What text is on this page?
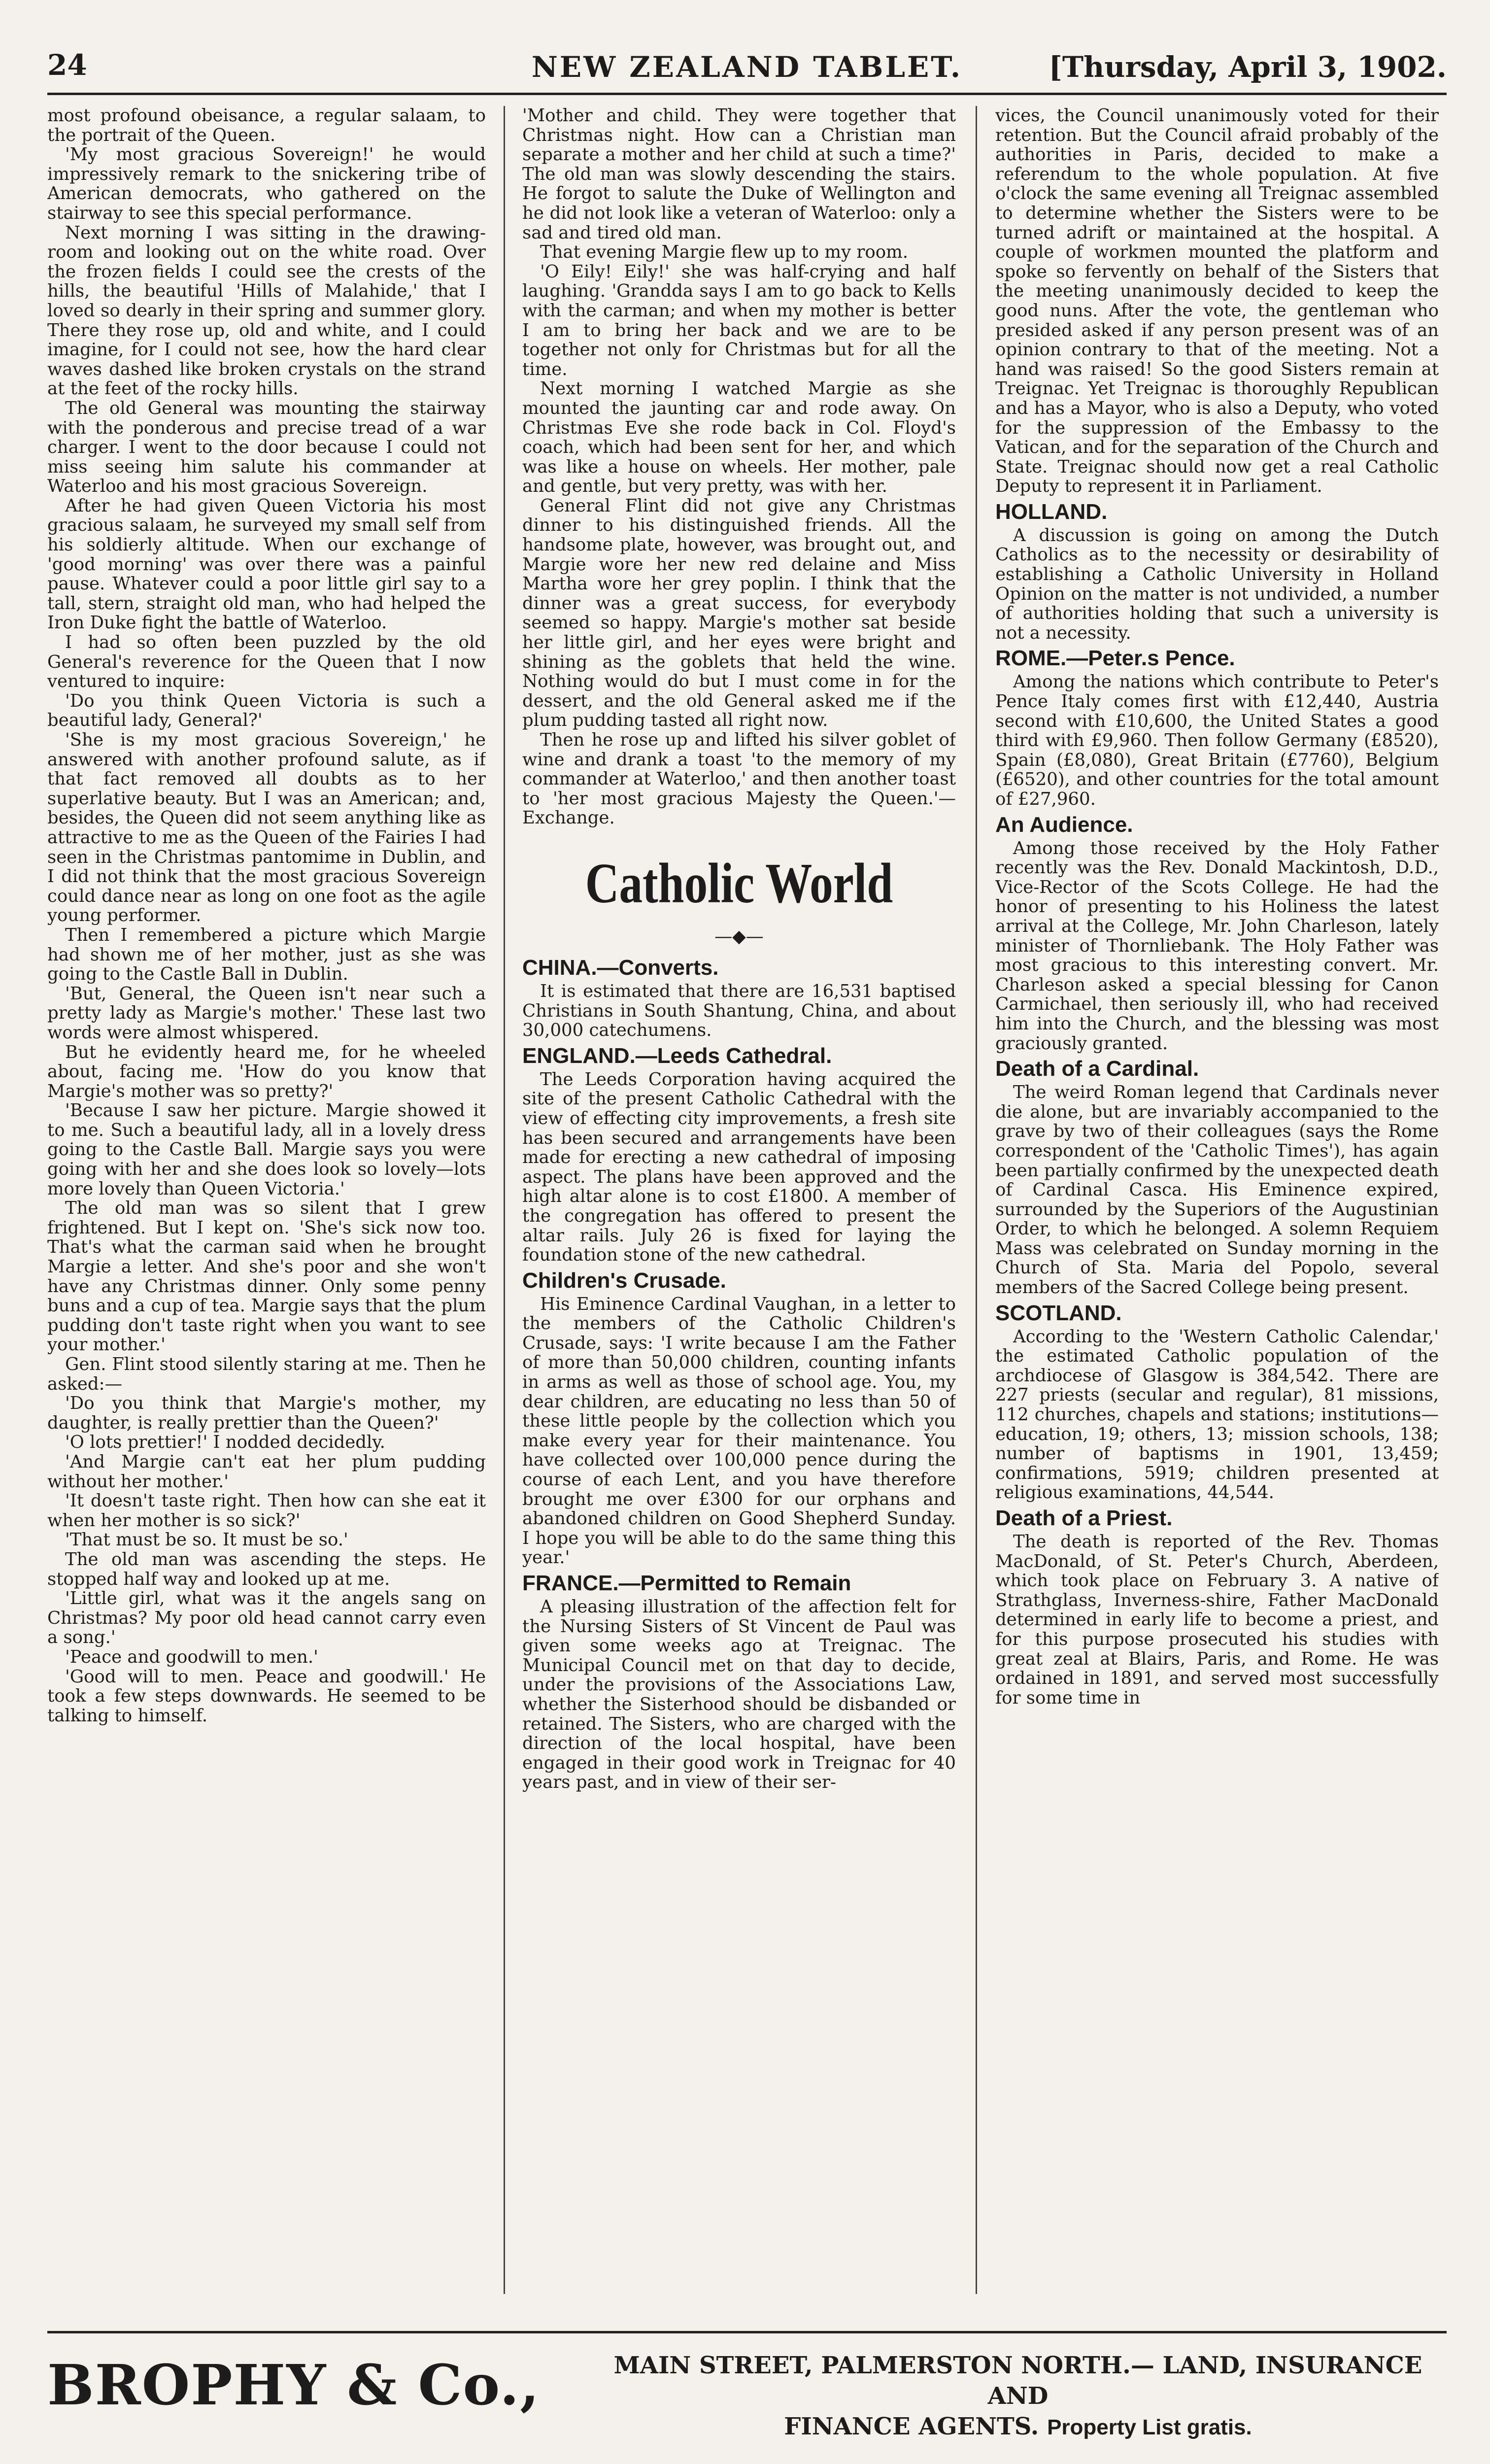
24	NEW ZEALAND TABLET.	[Thursday, April 3, 1902.

most profound obeisance, a regular salaam, to the portrait of the Queen.

'My most gracious Sovereign!' he would impressively remark to the snickering tribe of American democrats, who gathered on the stairway to see this special performance.

Next morning I was sitting in the drawing-room and looking out on the white road. Over the frozen fields I could see the crests of the hills, the beautiful 'Hills of Malahide,' that I loved so dearly in their spring and summer glory. There they rose up, old and white, and I could imagine, for I could not see, how the hard clear waves dashed like broken crystals on the strand at the feet of the rocky hills.

The old General was mounting the stairway with the ponderous and precise tread of a war charger. I went to the door because I could not miss seeing him salute his commander at Waterloo and his most gracious Sovereign.

After he had given Queen Victoria his most gracious salaam, he surveyed my small self from his soldierly altitude. When our exchange of 'good morning' was over there was a painful pause. Whatever could a poor little girl say to a tall, stern, straight old man, who had helped the Iron Duke fight the battle of Waterloo.

I had so often been puzzled by the old General's reverence for the Queen that I now ventured to inquire:

'Do you think Queen Victoria is such a beautiful lady, General?'

'She is my most gracious Sovereign,' he answered with another profound salute, as if that fact removed all doubts as to her superlative beauty. But I was an American; and, besides, the Queen did not seem anything like as attractive to me as the Queen of the Fairies I had seen in the Christmas pantomime in Dublin, and I did not think that the most gracious Sovereign could dance near as long on one foot as the agile young performer.

Then I remembered a picture which Margie had shown me of her mother, just as she was going to the Castle Ball in Dublin.

'But, General, the Queen isn't near such a pretty lady as Margie's mother.' These last two words were almost whispered.

But he evidently heard me, for he wheeled about, facing me. 'How do you know that Margie's mother was so pretty?'

'Because I saw her picture. Margie showed it to me. Such a beautiful lady, all in a lovely dress going to the Castle Ball. Margie says you were going with her and she does look so lovely—lots more lovely than Queen Victoria.'

The old man was so silent that I grew frightened. But I kept on. 'She's sick now too. That's what the carman said when he brought Margie a letter. And she's poor and she won't have any Christmas dinner. Only some penny buns and a cup of tea. Margie says that the plum pudding don't taste right when you want to see your mother.'

Gen. Flint stood silently staring at me. Then he asked:—

'Do you think that Margie's mother, my daughter, is really prettier than the Queen?'

'O lots prettier!' I nodded decidedly.

'And Margie can't eat her plum pudding without her mother.'

'It doesn't taste right. Then how can she eat it when her mother is so sick?'

'That must be so. It must be so.'

The old man was ascending the steps. He stopped half way and looked up at me.

'Little girl, what was it the angels sang on Christmas? My poor old head cannot carry even a song.'

'Peace and goodwill to men.'

'Good will to men. Peace and goodwill.' He took a few steps downwards. He seemed to be talking to himself.

'Mother and child. They were together that Christmas night. How can a Christian man separate a mother and her child at such a time?' The old man was slowly descending the stairs. He forgot to salute the Duke of Wellington and he did not look like a veteran of Waterloo: only a sad and tired old man.

That evening Margie flew up to my room.

'O Eily! Eily!' she was half-crying and half laughing. 'Grandda says I am to go back to Kells with the carman; and when my mother is better I am to bring her back and we are to be together not only for Christmas but for all the time.

Next morning I watched Margie as she mounted the jaunting car and rode away. On Christmas Eve she rode back in Col. Floyd's coach, which had been sent for her, and which was like a house on wheels. Her mother, pale and gentle, but very pretty, was with her.

General Flint did not give any Christmas dinner to his distinguished friends. All the handsome plate, however, was brought out, and Margie wore her new red delaine and Miss Martha wore her grey poplin. I think that the dinner was a great success, for everybody seemed so happy. Margie's mother sat beside her little girl, and her eyes were bright and shining as the goblets that held the wine. Nothing would do but I must come in for the dessert, and the old General asked me if the plum pudding tasted all right now.

Then he rose up and lifted his silver goblet of wine and drank a toast 'to the memory of my commander at Waterloo,' and then another toast to 'her most gracious Majesty the Queen.'—Exchange.

Catholic World
—◆—
CHINA.—Converts.

It is estimated that there are 16,531 baptised Christians in South Shantung, China, and about 30,000 catechumens.

ENGLAND.—Leeds Cathedral.

The Leeds Corporation having acquired the site of the present Catholic Cathedral with the view of effecting city improvements, a fresh site has been secured and arrangements have been made for erecting a new cathedral of imposing aspect. The plans have been approved and the high altar alone is to cost £1800. A member of the congregation has offered to present the altar rails. July 26 is fixed for laying the foundation stone of the new cathedral.

Children's Crusade.

His Eminence Cardinal Vaughan, in a letter to the members of the Catholic Children's Crusade, says: 'I write because I am the Father of more than 50,000 children, counting infants in arms as well as those of school age. You, my dear children, are educating no less than 50 of these little people by the collection which you make every year for their maintenance. You have collected over 100,000 pence during the course of each Lent, and you have therefore brought me over £300 for our orphans and abandoned children on Good Shepherd Sunday. I hope you will be able to do the same thing this year.'

FRANCE.—Permitted to Remain

A pleasing illustration of the affection felt for the Nursing Sisters of St Vincent de Paul was given some weeks ago at Treignac. The Municipal Council met on that day to decide, under the provisions of the Associations Law, whether the Sisterhood should be disbanded or retained. The Sisters, who are charged with the direction of the local hospital, have been engaged in their good work in Treignac for 40 years past, and in view of their ser-

vices, the Council unanimously voted for their retention. But the Council afraid probably of the authorities in Paris, decided to make a referendum to the whole population. At five o'clock the same evening all Treignac assembled to determine whether the Sisters were to be turned adrift or maintained at the hospital. A couple of workmen mounted the platform and spoke so fervently on behalf of the Sisters that the meeting unanimously decided to keep the good nuns. After the vote, the gentleman who presided asked if any person present was of an opinion contrary to that of the meeting. Not a hand was raised! So the good Sisters remain at Treignac. Yet Treignac is thoroughly Republican and has a Mayor, who is also a Deputy, who voted for the suppression of the Embassy to the Vatican, and for the separation of the Church and State. Treignac should now get a real Catholic Deputy to represent it in Parliament.

HOLLAND.

A discussion is going on among the Dutch Catholics as to the necessity or desirability of establishing a Catholic University in Holland Opinion on the matter is not undivided, a number of authorities holding that such a university is not a necessity.

ROME.—Peter.s Pence.

Among the nations which contribute to Peter's Pence Italy comes first with £12,440, Austria second with £10,600, the United States a good third with £9,960. Then follow Germany (£8520), Spain (£8,080), Great Britain (£7760), Belgium (£6520), and other countries for the total amount of £27,960.

An Audience.

Among those received by the Holy Father recently was the Rev. Donald Mackintosh, D.D., Vice-Rector of the Scots College. He had the honor of presenting to his Holiness the latest arrival at the College, Mr. John Charleson, lately minister of Thornliebank. The Holy Father was most gracious to this interesting convert. Mr. Charleson asked a special blessing for Canon Carmichael, then seriously ill, who had received him into the Church, and the blessing was most graciously granted.

Death of a Cardinal.

The weird Roman legend that Cardinals never die alone, but are invariably accompanied to the grave by two of their colleagues (says the Rome correspondent of the 'Catholic Times'), has again been partially confirmed by the unexpected death of Cardinal Casca. His Eminence expired, surrounded by the Superiors of the Augustinian Order, to which he belonged. A solemn Requiem Mass was celebrated on Sunday morning in the Church of Sta. Maria del Popolo, several members of the Sacred College being present.

SCOTLAND.

According to the 'Western Catholic Calendar,' the estimated Catholic population of the archdiocese of Glasgow is 384,542. There are 227 priests (secular and regular), 81 missions, 112 churches, chapels and stations; institutions—education, 19; others, 13; mission schools, 138; number of baptisms in 1901, 13,459; confirmations, 5919; children presented at religious examinations, 44,544.

Death of a Priest.

The death is reported of the Rev. Thomas MacDonald, of St. Peter's Church, Aberdeen, which took place on February 3. A native of Strathglass, Inverness-shire, Father MacDonald determined in early life to become a priest, and for this purpose prosecuted his studies with great zeal at Blairs, Paris, and Rome. He was ordained in 1891, and served most successfully for some time in

BROPHY & Co.,	MAIN STREET, PALMERSTON NORTH.— LAND, INSURANCE AND
FINANCE AGENTS. Property List gratis.
